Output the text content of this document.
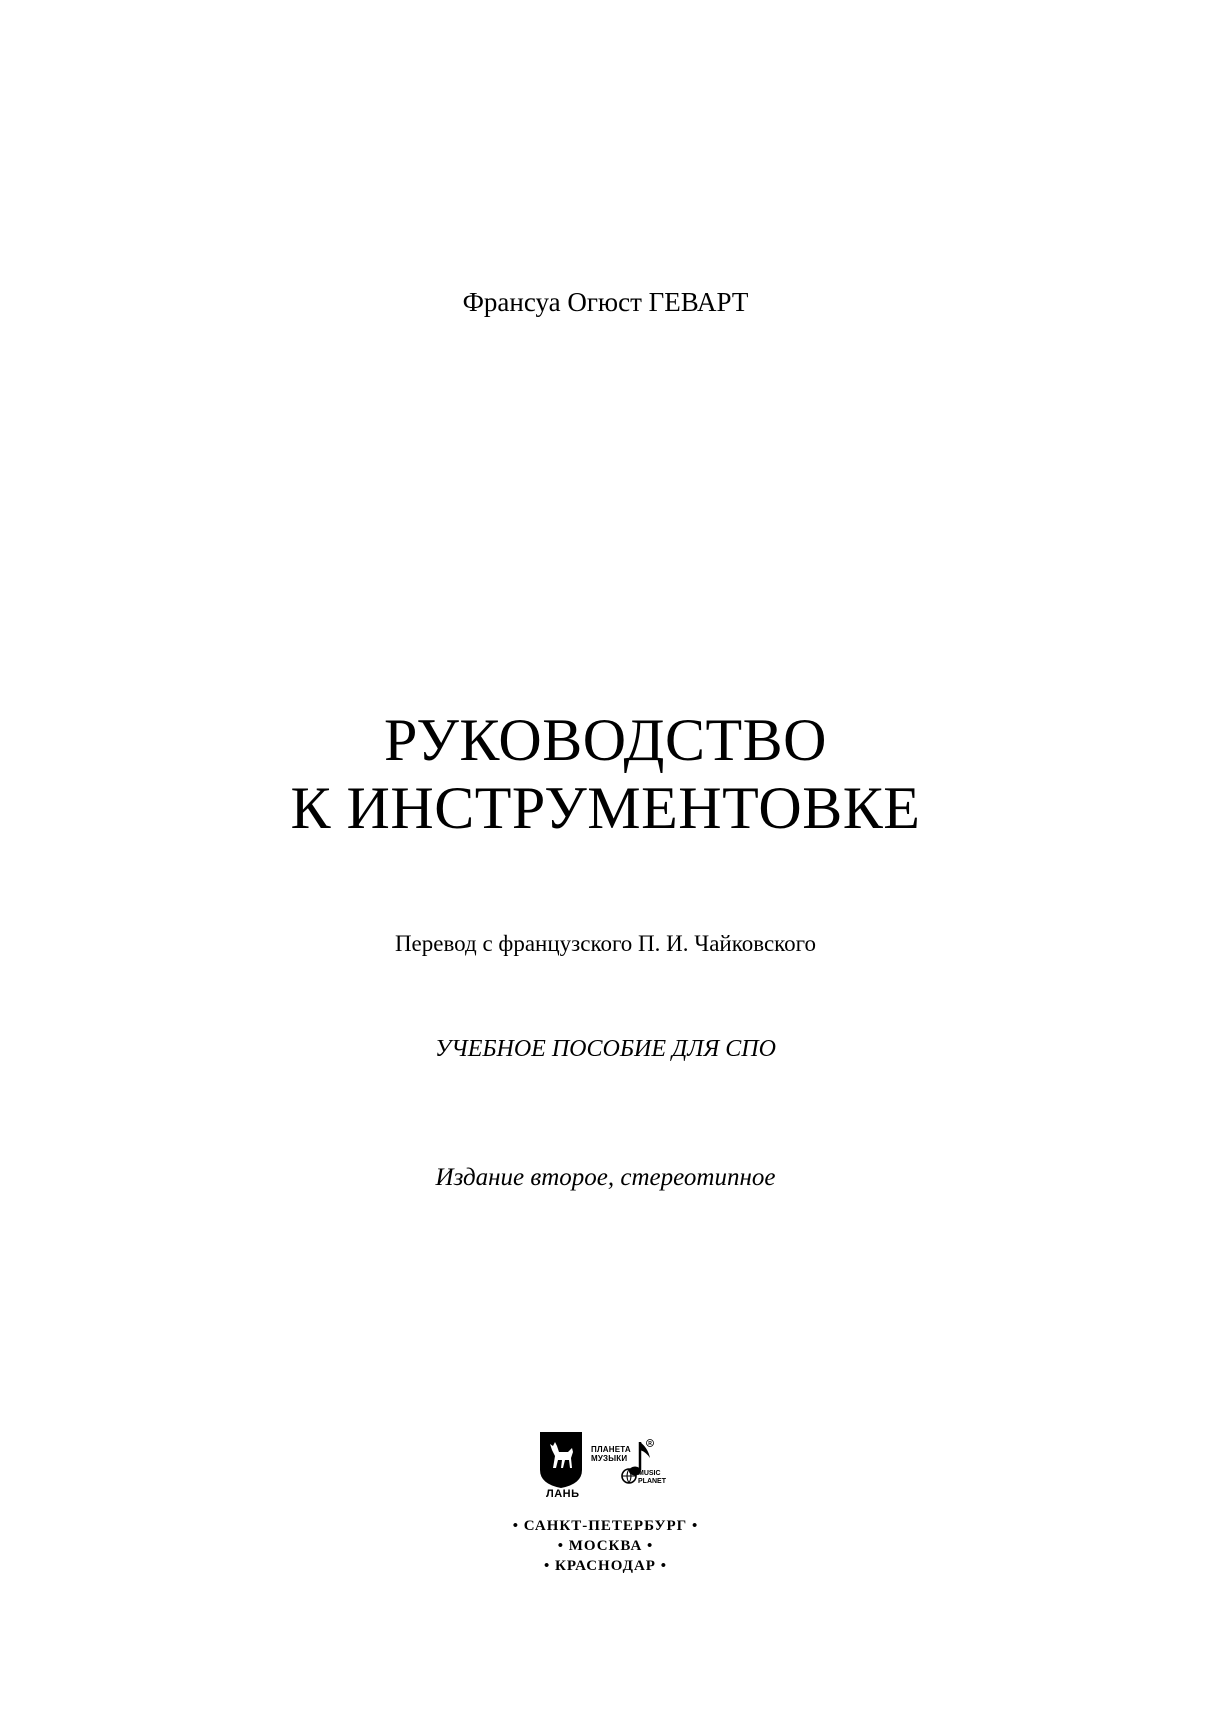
Франсуа Огюст ГЕВАРТ
РУКОВОДСТВО
К ИНСТРУМЕНТОВКЕ
Перевод с французского П. И. Чайковского
УЧЕБНОЕ ПОСОБИЕ ДЛЯ СПО
Издание второе, стереотипное
R
ПЛАНЕТА
МУЗЫКИ
MUSIC
PLANET
ЛАНЬ
• САНКТ-ПЕТЕРБУРГ •
• МОСКВА •
• КРАСНОДАР •
